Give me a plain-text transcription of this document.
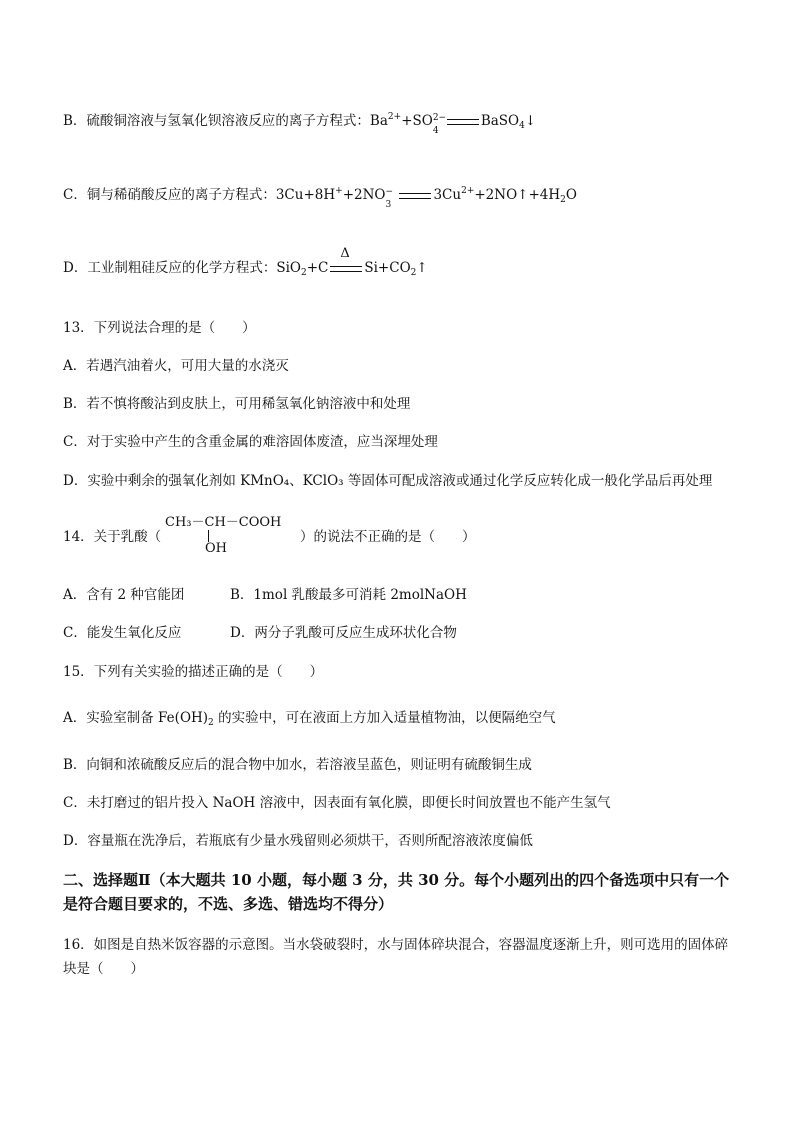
B．硫酸铜溶液与氢氧化钡溶液反应的离子方程式：$Ba^{2+}+SO$ 2−
4
BaSO$_4$↓
C．铜与稀硝酸反应的离子方程式：3Cu+8H++2NO −
3
$3Cu^{2+}+2NO↑+4H_2O$
D．工业制粗硅反应的化学方程式：SiO$_2$+C
Δ
$Si+CO_2↑$
13．下列说法合理的是（　　）
A．若遇汽油着火，可用大量的水浇灭
B．若不慎将酸沾到皮肤上，可用稀氢氧化钠溶液中和处理
C．对于实验中产生的含重金属的难溶固体废渣，应当深埋处理
D．实验中剩余的强氧化剂如 KMnO₄、KClO₃ 等固体可配成溶液或通过化学反应转化成一般化学品后再处理
14．关于乳酸（
CH₃－CH－COOH
OH
）的说法不正确的是（　　）
A．含有 2 种官能团	B．1mol 乳酸最多可消耗 2molNaOH
C．能发生氧化反应	D．两分子乳酸可反应生成环状化合物
15．下列有关实验的描述正确的是（　　）
A．实验室制备 $Fe(OH)_2$ 的实验中，可在液面上方加入适量植物油，以便隔绝空气
B．向铜和浓硫酸反应后的混合物中加水，若溶液呈蓝色，则证明有硫酸铜生成
C．未打磨过的铝片投入 NaOH 溶液中，因表面有氧化膜，即便长时间放置也不能产生氢气
D．容量瓶在洗净后，若瓶底有少量水残留则必须烘干，否则所配溶液浓度偏低
二、选择题Ⅱ（本大题共 10 小题，每小题 3 分，共 30 分。每个小题列出的四个备选项中只有一个是符合题目要求的，不选、多选、错选均不得分）
16．如图是自热米饭容器的示意图。当水袋破裂时，水与固体碎块混合，容器温度逐渐上升，则可选用的固体碎块是（　　）
